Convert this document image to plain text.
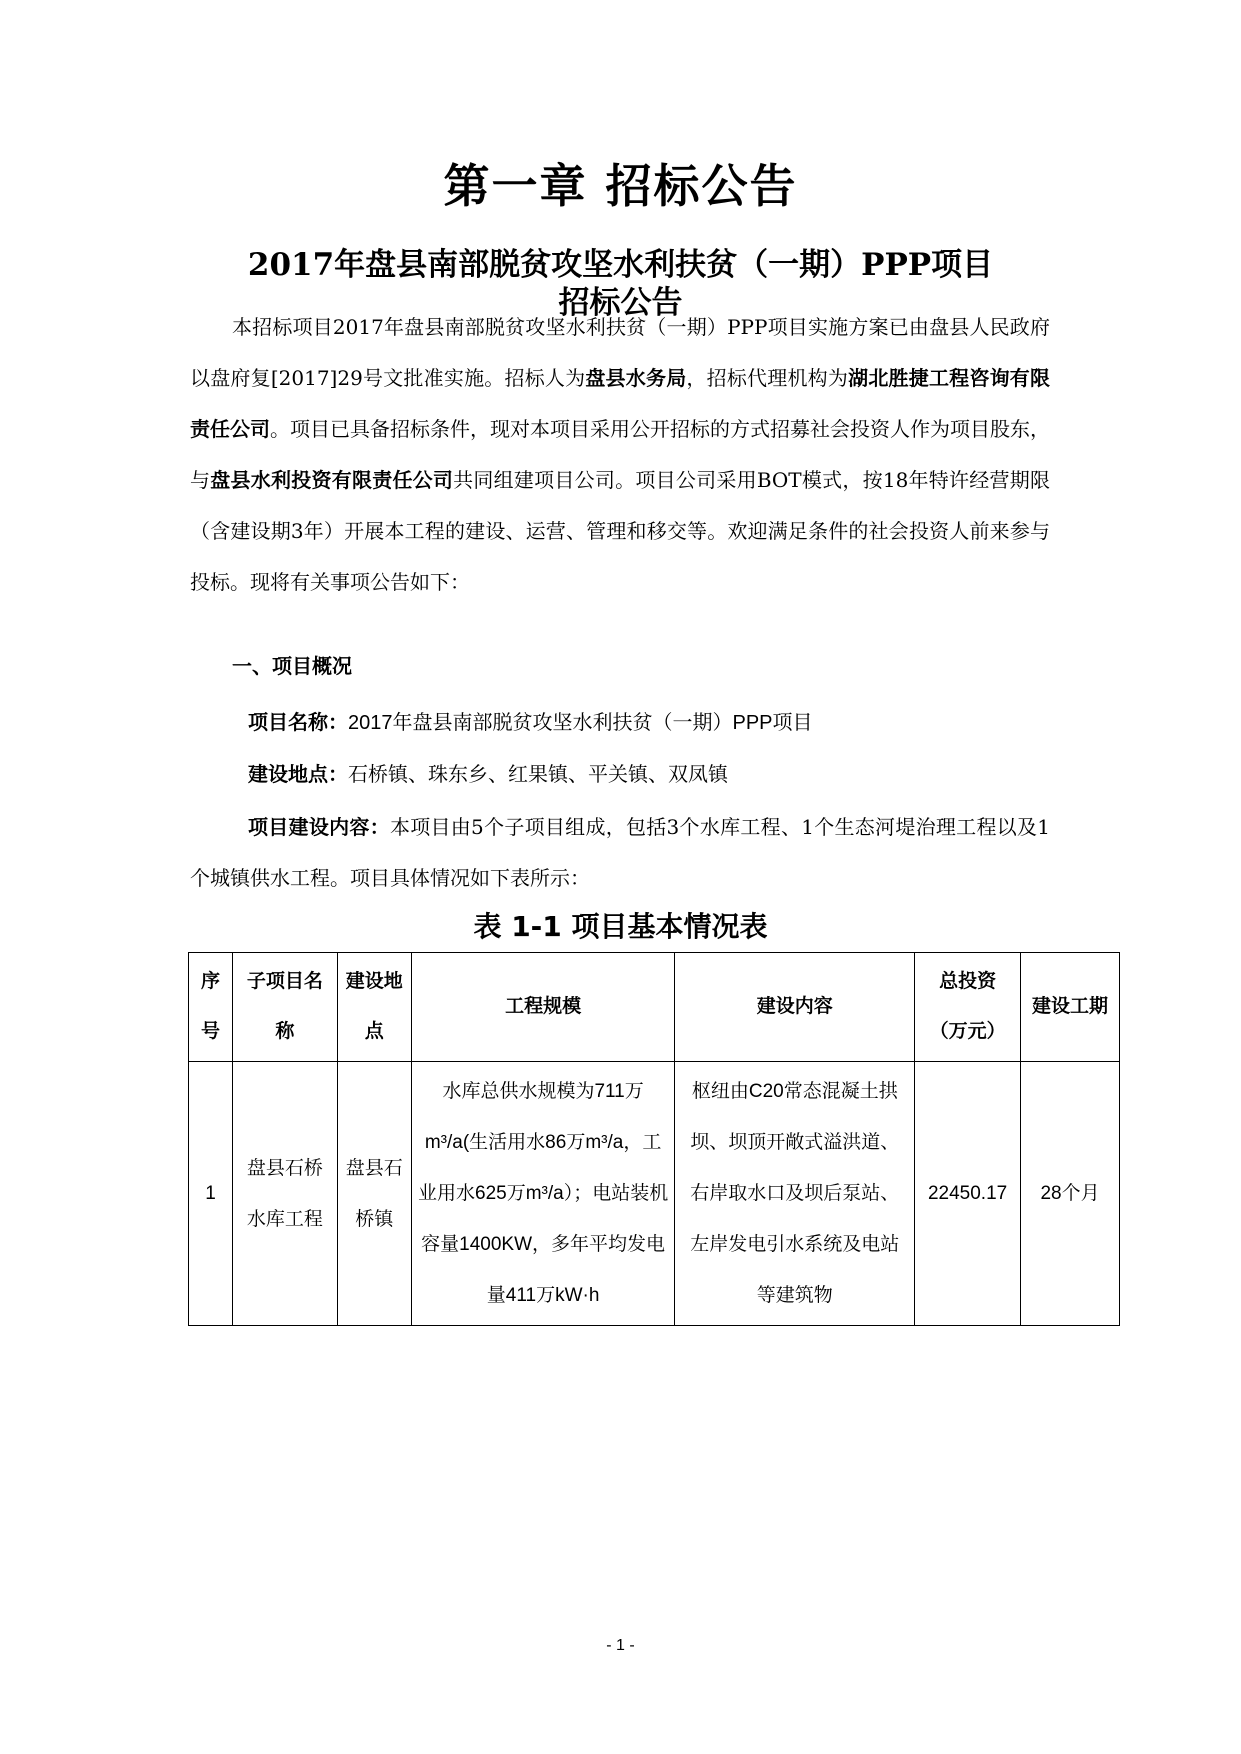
第一章 招标公告
2017年盘县南部脱贫攻坚水利扶贫（一期）PPP项目
招标公告
本招标项目2017年盘县南部脱贫攻坚水利扶贫（一期）PPP项目实施方案已由盘县人民政府以盘府复[2017]29号文批准实施。招标人为盘县水务局，招标代理机构为湖北胜捷工程咨询有限责任公司。项目已具备招标条件，现对本项目采用公开招标的方式招募社会投资人作为项目股东，与盘县水利投资有限责任公司共同组建项目公司。项目公司采用BOT模式，按18年特许经营期限（含建设期3年）开展本工程的建设、运营、管理和移交等。欢迎满足条件的社会投资人前来参与投标。现将有关事项公告如下：
一、项目概况
项目名称：2017年盘县南部脱贫攻坚水利扶贫（一期）PPP项目
建设地点：石桥镇、珠东乡、红果镇、平关镇、双凤镇
项目建设内容：本项目由5个子项目组成，包括3个水库工程、1个生态河堤治理工程以及1个城镇供水工程。项目具体情况如下表所示：
表 1-1 项目基本情况表
序号	子项目名称	建设地点	工程规模	建设内容	总投资（万元）	建设工期
1	盘县石桥水库工程	盘县石桥镇	水库总供水规模为711万m³/a(生活用水86万m³/a，工业用水625万m³/a）；电站装机容量1400KW，多年平均发电量411万kW·h	枢纽由C20常态混凝土拱坝、坝顶开敞式溢洪道、右岸取水口及坝后泵站、左岸发电引水系统及电站等建筑物	22450.17	28个月
- 1 -
